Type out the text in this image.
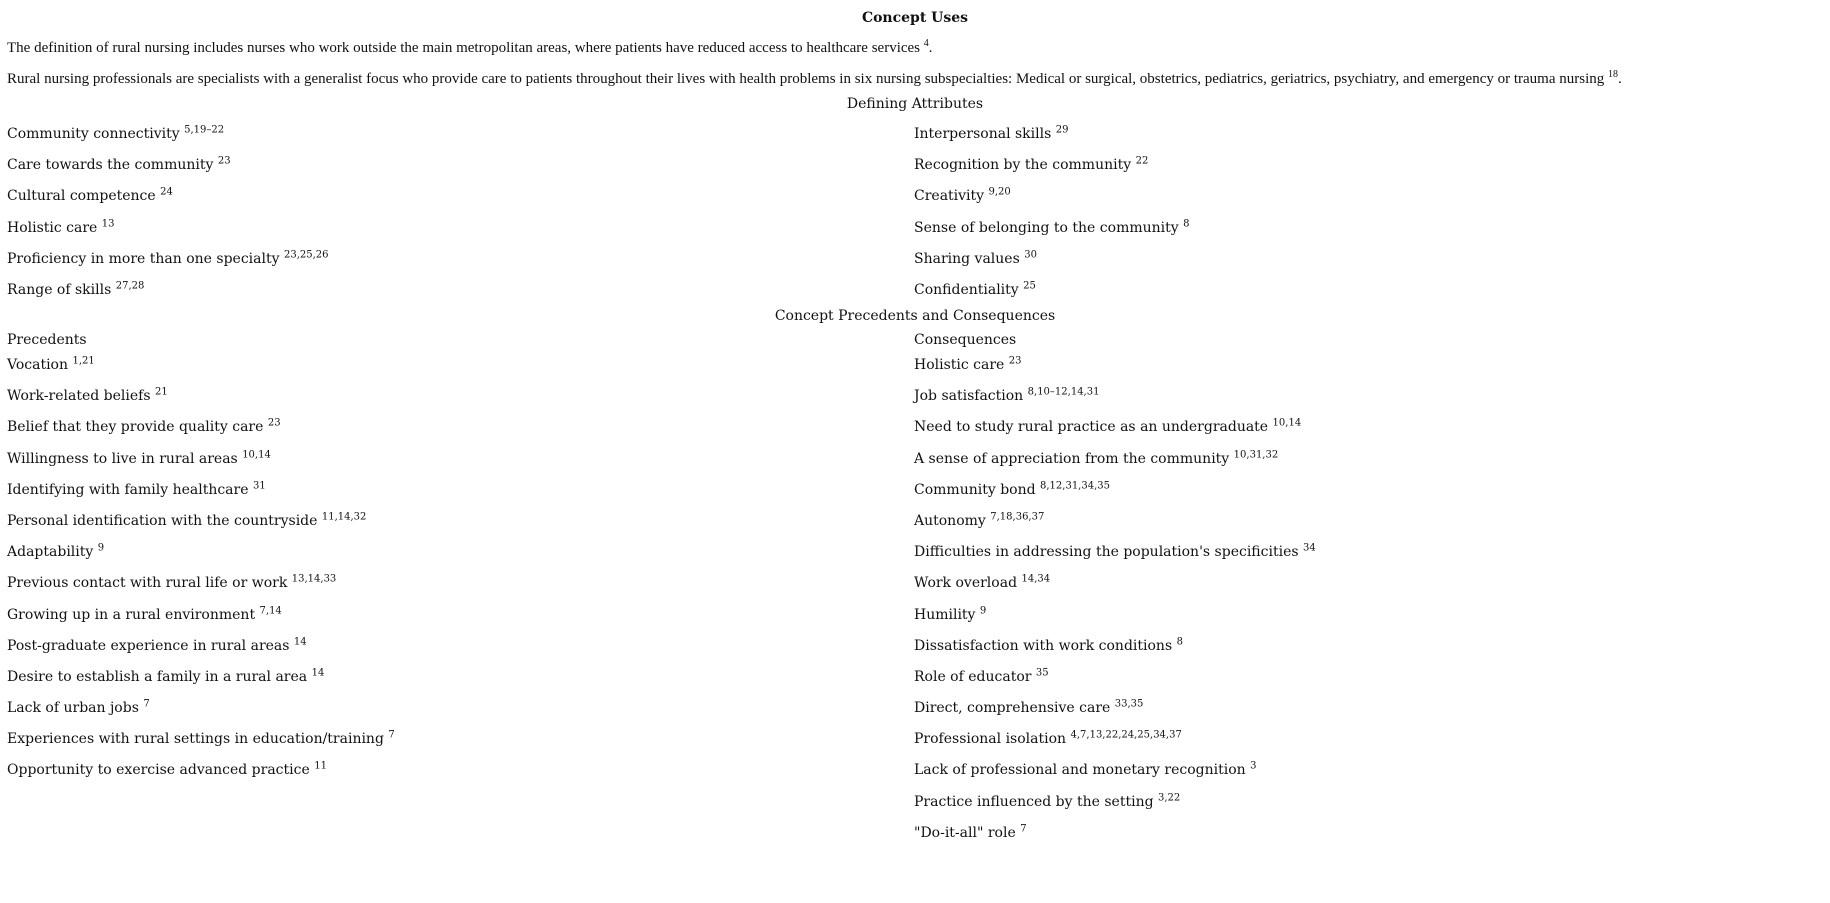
Concept Uses
The definition of rural nursing includes nurses who work outside the main metropolitan areas, where patients have reduced access to healthcare services $^4$.
Rural nursing professionals are specialists with a generalist focus who provide care to patients throughout their lives with health problems in six nursing subspecialties: Medical or surgical, obstetrics, pediatrics, geriatrics, psychiatry, and emergency or trauma nursing $^{18}$.
Defining Attributes
Community connectivity $^{5,19-22}$
Care towards the community $^{23}$
Cultural competence $^{24}$
Holistic care $^{13}$
Proficiency in more than one specialty $^{23,25,26}$
Range of skills $^{27,28}$
Interpersonal skills $^{29}$
Recognition by the community $^{22}$
Creativity $^{9,20}$
Sense of belonging to the community $^8$
Sharing values $^{30}$
Confidentiality $^{25}$
Concept Precedents and Consequences
Precedents
Vocation $^{1,21}$
Work-related beliefs $^{21}$
Belief that they provide quality care $^{23}$
Willingness to live in rural areas $^{10,14}$
Identifying with family healthcare $^{31}$
Personal identification with the countryside $^{11,14,32}$
Adaptability $^9$
Previous contact with rural life or work $^{13,14,33}$
Growing up in a rural environment $^{7,14}$
Post-graduate experience in rural areas $^{14}$
Desire to establish a family in a rural area $^{14}$
Lack of urban jobs $^7$
Experiences with rural settings in education/training $^7$
Opportunity to exercise advanced practice $^{11}$
Consequences
Holistic care $^{23}$
Job satisfaction $^{8,10-12,14,31}$
Need to study rural practice as an undergraduate $^{10,14}$
A sense of appreciation from the community $^{10,31,32}$
Community bond $^{8,12,31,34,35}$
Autonomy $^{7,18,36,37}$
Difficulties in addressing the population's specificities $^{34}$
Work overload $^{14,34}$
Humility $^9$
Dissatisfaction with work conditions $^8$
Role of educator $^{35}$
Direct, comprehensive care $^{33,35}$
Professional isolation $^{4,7,13,22,24,25,34,37}$
Lack of professional and monetary recognition $^3$
Practice influenced by the setting $^{3,22}$
"Do-it-all" role $^7$
